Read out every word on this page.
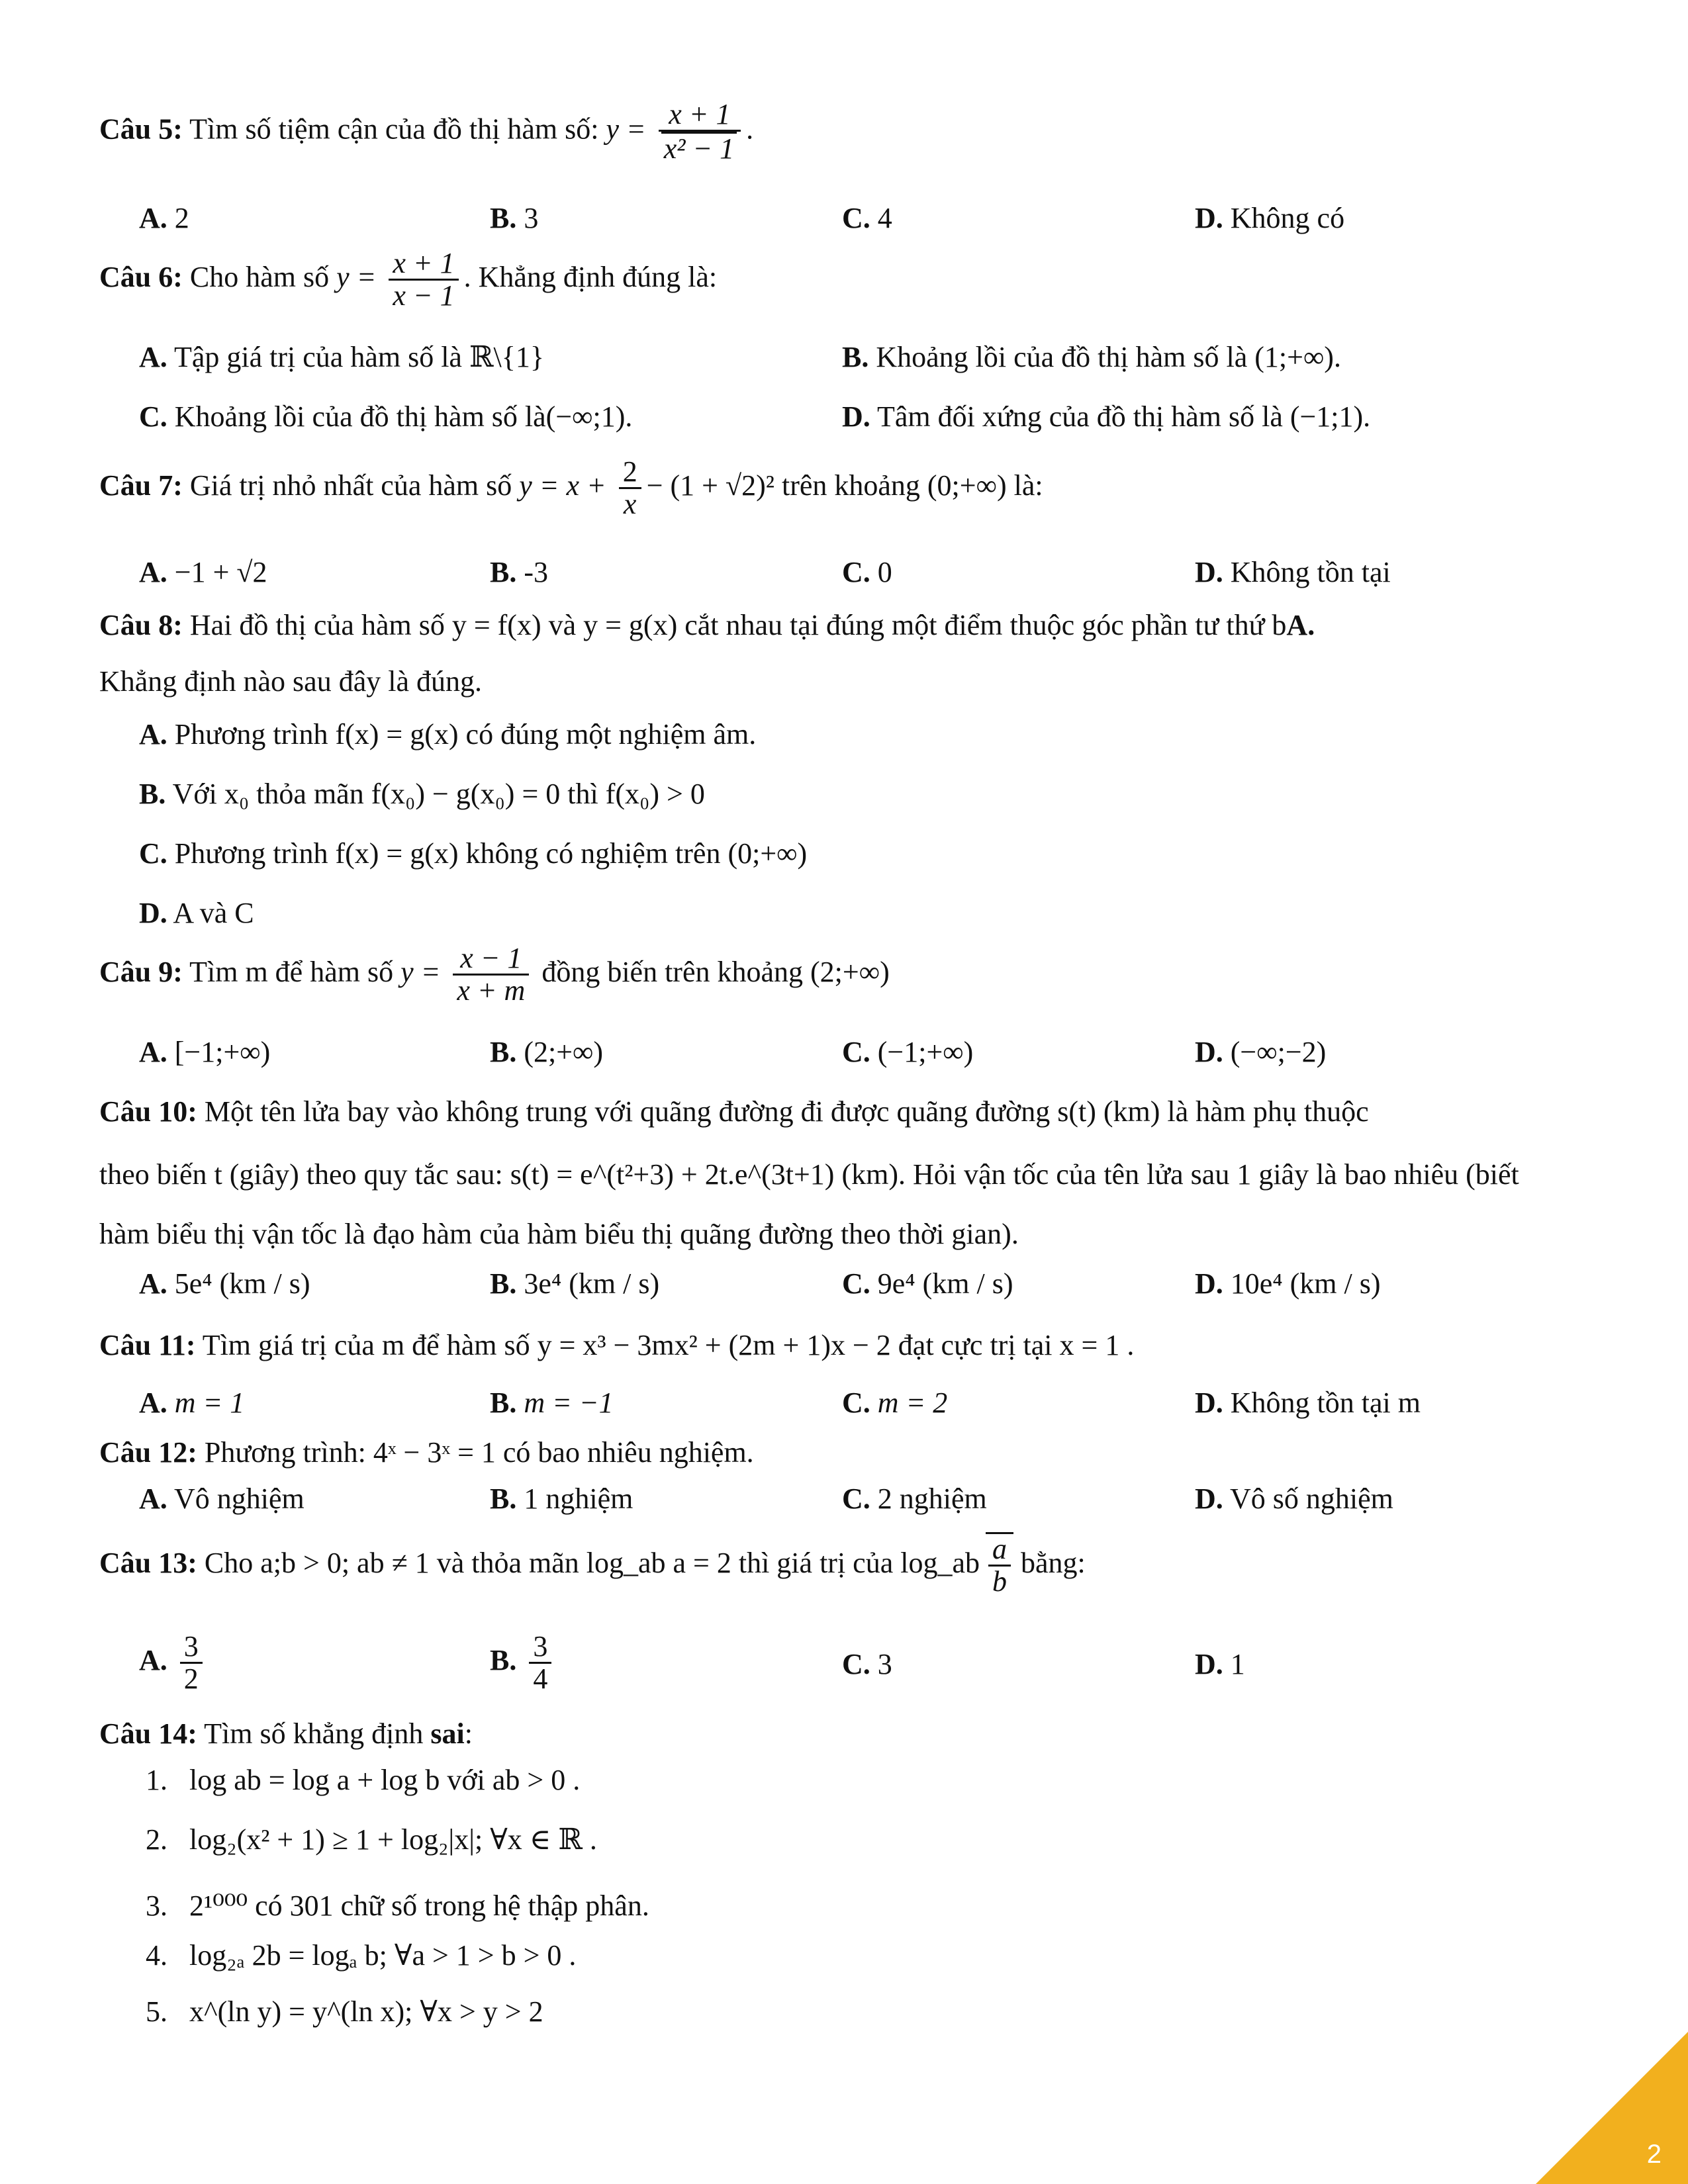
Câu 5: Tìm số tiệm cận của đồ thị hàm số: $y = \frac{x + 1}{\text{x² − 1}}$ .
A. 2	B. 3	C. 4	D. Không có
Câu 6: Cho hàm số $y = \frac{x + 1}{x - 1}$ . Khẳng định đúng là:
A. Tập giá trị của hàm số là ℝ\{1}	B. Khoảng lồi của đồ thị hàm số là (1;+∞).
C. Khoảng lồi của đồ thị hàm số là(−∞;1).	D. Tâm đối xứng của đồ thị hàm số là (−1;1).
Câu 7: Giá trị nhỏ nhất của hàm số $y = x + \frac{2}{x} - (1 + √2)^2$ trên khoảng (0;+∞) là:
A. −1 + √2	B. -3	C. 0	D. Không tồn tại
Câu 8: Hai đồ thị của hàm số y = f(x) và y = g(x) cắt nhau tại đúng một điểm thuộc góc phần tư thứ bA.
Khẳng định nào sau đây là đúng.
A. Phương trình f(x) = g(x) có đúng một nghiệm âm.
B. Với x₀ thỏa mãn f(x₀) − g(x₀) = 0 thì f(x₀) > 0
C. Phương trình f(x) = g(x) không có nghiệm trên (0;+∞)
D. A và C
Câu 9: Tìm m để hàm số $y = \frac{x - 1}{x + m}$ đồng biến trên khoảng (2;+∞)
A. [−1;+∞)	B. (2;+∞)	C. (−1;+∞)	D. (−∞;−2)
Câu 10: Một tên lửa bay vào không trung với quãng đường đi được quãng đường s(t) (km) là hàm phụ thuộc
theo biến t (giây) theo quy tắc sau: s(t) = e^(t²+3) + 2t.e^(3t+1) (km). Hỏi vận tốc của tên lửa sau 1 giây là bao nhiêu (biết
hàm biểu thị vận tốc là đạo hàm của hàm biểu thị quãng đường theo thời gian).
A. 5e⁴ (km / s)	B. 3e⁴ (km / s)	C. 9e⁴ (km / s)	D. 10e⁴ (km / s)
Câu 11: Tìm giá trị của m để hàm số y = x³ − 3mx² + (2m + 1)x − 2 đạt cực trị tại x = 1 .
A. m = 1	B. m = −1	C. m = 2	D. Không tồn tại m
Câu 12: Phương trình: 4ˣ − 3ˣ = 1 có bao nhiêu nghiệm.
A. Vô nghiệm	B. 1 nghiệm	C. 2 nghiệm	D. Vô số nghiệm
Câu 13: Cho a;b > 0; ab ≠ 1 và thỏa mãn log_ab a = 2 thì giá trị của log_ab $\frac{a}{b}$ bằng:
A. $\frac{3}{2}$	B. $\frac{3}{4}$	C. 3	D. 1
Câu 14: Tìm số khẳng định sai:
1. log ab = log a + log b với ab > 0 .
2. log₂(x² + 1) ≥ 1 + log₂|x|; ∀x ∈ ℝ .
3. 2¹⁰⁰⁰ có 301 chữ số trong hệ thập phân.
4. log₂ₐ 2b = logₐ b; ∀a > 1 > b > 0 .
5. x^(ln y) = y^(ln x); ∀x > y > 2
2
